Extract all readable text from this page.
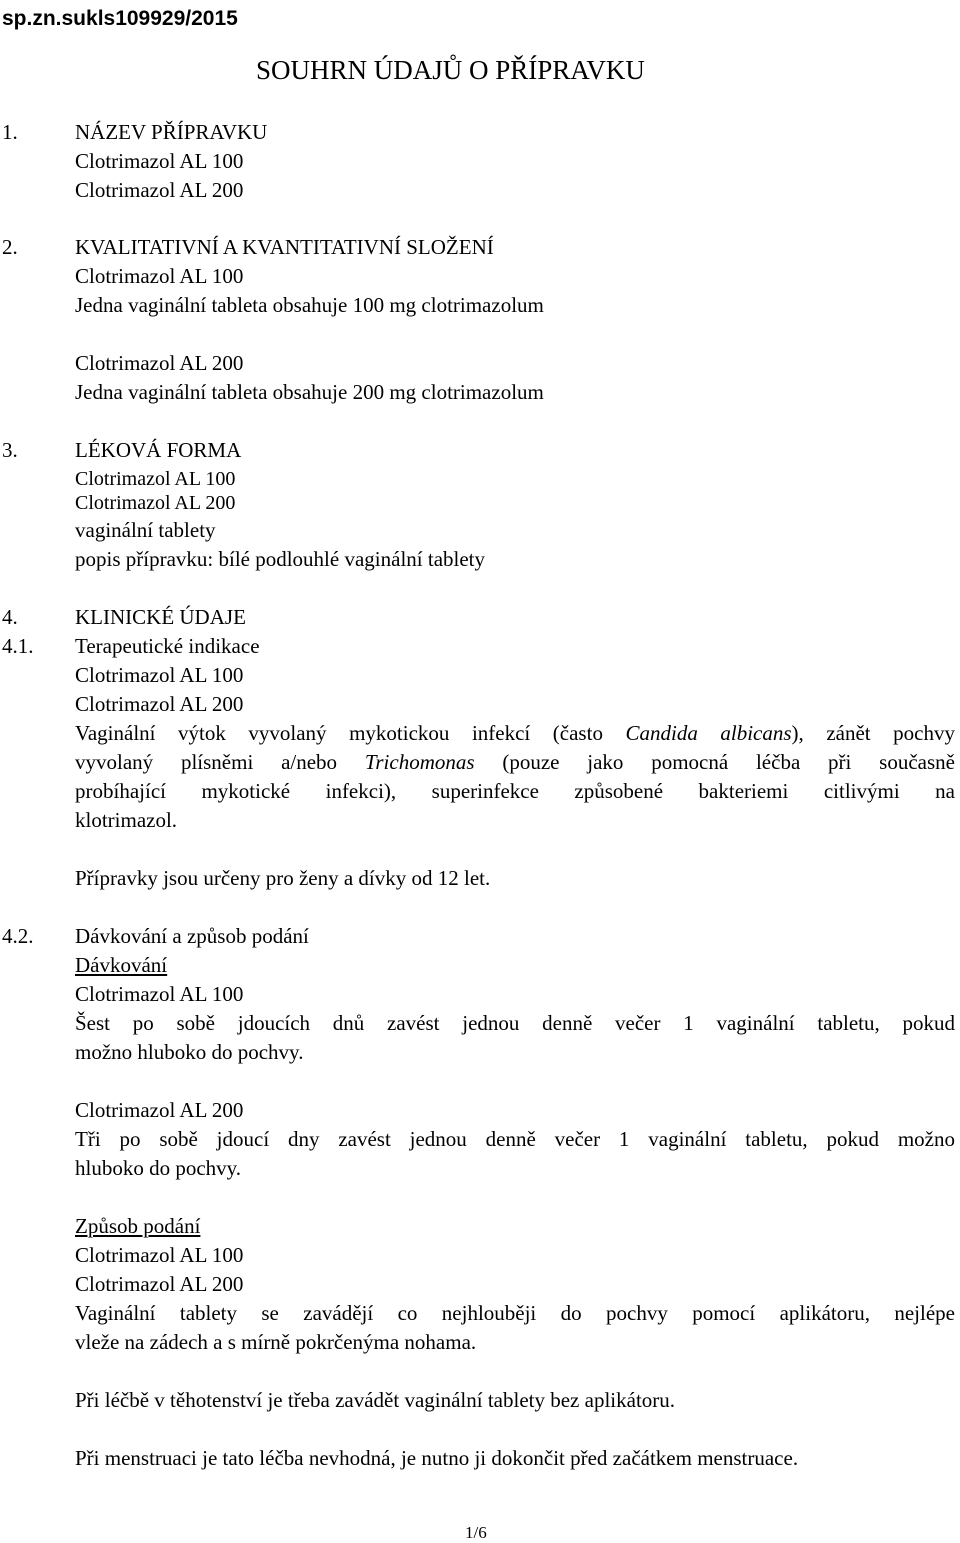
sp.zn.sukls109929/2015
SOUHRN ÚDAJŮ O PŘÍPRAVKU
1.	NÁZEV PŘÍPRAVKU
Clotrimazol AL 100
Clotrimazol AL 200
2.	KVALITATIVNÍ A KVANTITATIVNÍ SLOŽENÍ
Clotrimazol AL 100
Jedna vaginální tableta obsahuje 100 mg clotrimazolum
Clotrimazol AL 200
Jedna vaginální tableta obsahuje 200 mg clotrimazolum
3.	LÉKOVÁ FORMA
Clotrimazol AL 100
Clotrimazol AL 200
vaginální tablety
popis přípravku: bílé podlouhlé vaginální tablety
4.	KLINICKÉ ÚDAJE
4.1. Terapeutické indikace
Clotrimazol AL 100
Clotrimazol AL 200
Vaginální výtok vyvolaný mykotickou infekcí (často Candida albicans), zánět pochvy
vyvolaný plísněmi a/nebo Trichomonas (pouze jako pomocná léčba při současně
probíhající mykotické infekci), superinfekce způsobené bakteriemi citlivými na
klotrimazol.
Přípravky jsou určeny pro ženy a dívky od 12 let.
4.2. Dávkování a způsob podání
Dávkování
Clotrimazol AL 100
Šest po sobě jdoucích dnů zavést jednou denně večer 1 vaginální tabletu, pokud
možno hluboko do pochvy.
Clotrimazol AL 200
Tři po sobě jdoucí dny zavést jednou denně večer 1 vaginální tabletu, pokud možno
hluboko do pochvy.
Způsob podání
Clotrimazol AL 100
Clotrimazol AL 200
Vaginální tablety se zavádějí co nejhlouběji do pochvy pomocí aplikátoru, nejlépe
vleže na zádech a s mírně pokrčenýma nohama.
Při léčbě v těhotenství je třeba zavádět vaginální tablety bez aplikátoru.
Při menstruaci je tato léčba nevhodná, je nutno ji dokončit před začátkem menstruace.
1/6
